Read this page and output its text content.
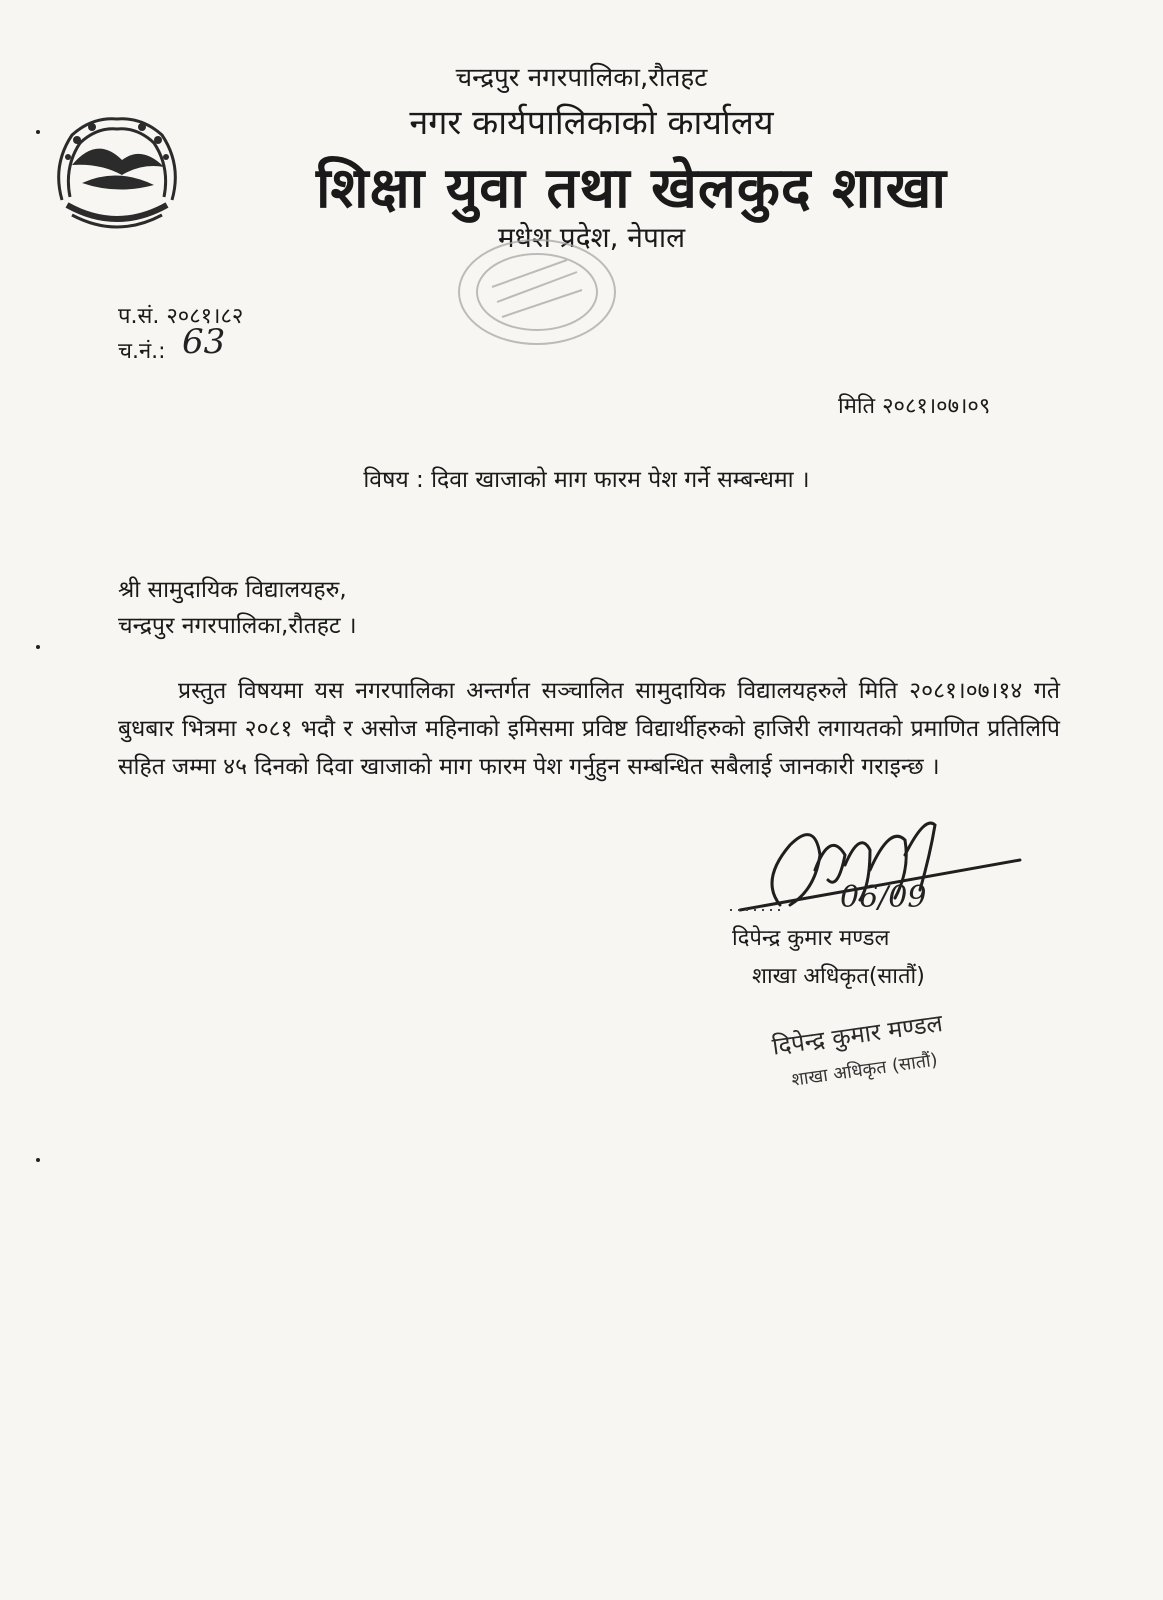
चन्द्रपुर नगरपालिका,रौतहट
नगर कार्यपालिकाको कार्यालय
शिक्षा युवा तथा खेलकुद शाखा
मधेश प्रदेश, नेपाल
प.सं. २०८१।८२
च.नं.: 63
मिति २०८१।०७।०९
विषय : दिवा खाजाको माग फारम पेश गर्ने सम्बन्धमा ।
श्री सामुदायिक विद्यालयहरु,
चन्द्रपुर नगरपालिका,रौतहट ।
प्रस्तुत विषयमा यस नगरपालिका अन्तर्गत सञ्चालित सामुदायिक विद्यालयहरुले मिति २०८१।०७।१४ गते बुधबार भित्रमा २०८१ भदौ र असोज महिनाको इमिसमा प्रविष्ट विद्यार्थीहरुको हाजिरी लगायतको प्रमाणित प्रतिलिपि सहित जम्मा ४५ दिनको दिवा खाजाको माग फारम पेश गर्नुहुन सम्बन्धित सबैलाई जानकारी गराइन्छ ।
06/09
दिपेन्द्र कुमार मण्डल
शाखा अधिकृत(सातौं)
दिपेन्द्र कुमार मण्डल
शाखा अधिकृत (सातौं)
